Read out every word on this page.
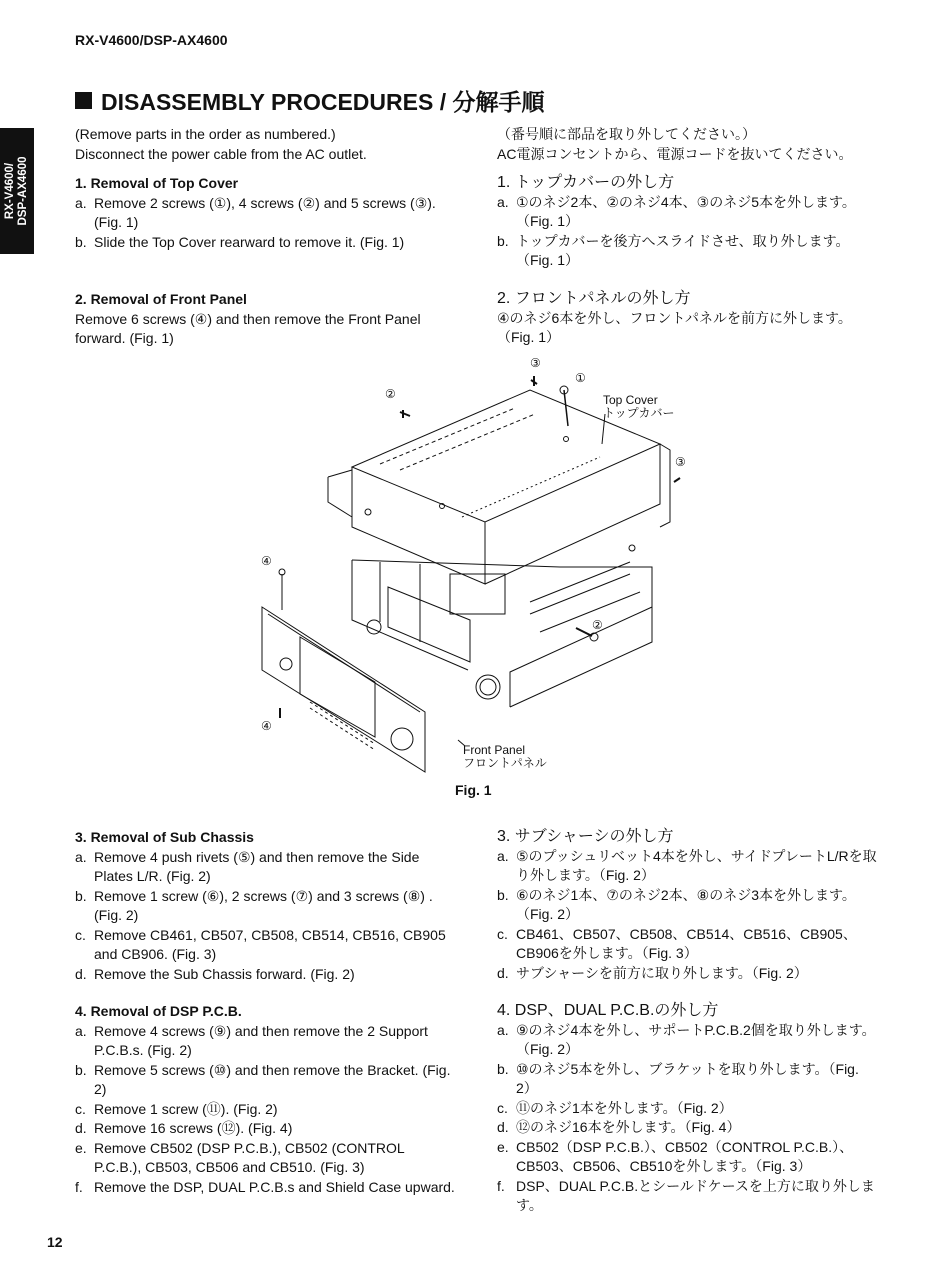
RX-V4600/DSP-AX4600
RX-V4600/ DSP-AX4600
DISASSEMBLY PROCEDURES / 分解手順

(Remove parts in the order as numbered.)

Disconnect the power cable from the AC outlet.

（番号順に部品を取り外してください。）

AC電源コンセントから、電源コードを抜いてください。

1. Removal of Top Cover
a. Remove 2 screws (①), 4 screws (②) and 5 screws (③). (Fig. 1)
b. Slide the Top Cover rearward to remove it. (Fig. 1)
1. トップカバーの外し方
a. ①のネジ2本、②のネジ4本、③のネジ5本を外します。（Fig. 1）
b. トップカバーを後方へスライドさせ、取り外します。（Fig. 1）
2. Removal of Front Panel

Remove 6 screws (④) and then remove the Front Panel forward. (Fig. 1)

2. フロントパネルの外し方

④のネジ6本を外し、フロントパネルを前方に外します。（Fig. 1）

③
①
②	Top Cover
トップカバー
③
④
②
④
Front Panel
フロントパネル
Fig. 1
3. Removal of Sub Chassis
a. Remove 4 push rivets (⑤) and then remove the Side Plates L/R. (Fig. 2)
b. Remove 1 screw (⑥), 2 screws (⑦) and 3 screws (⑧) . (Fig. 2)
c. Remove CB461, CB507, CB508, CB514, CB516, CB905 and CB906. (Fig. 3)
d. Remove the Sub Chassis forward. (Fig. 2)
3. サブシャーシの外し方
a. ⑤のプッシュリベット4本を外し、サイドプレートL/Rを取り外します。（Fig. 2）
b. ⑥のネジ1本、⑦のネジ2本、⑧のネジ3本を外します。（Fig. 2）
c. CB461、CB507、CB508、CB514、CB516、CB905、CB906を外します。（Fig. 3）
d. サブシャーシを前方に取り外します。（Fig. 2）
4. Removal of DSP P.C.B.
a. Remove 4 screws (⑨) and then remove the 2 Support P.C.B.s. (Fig. 2)
b. Remove 5 screws (⑩) and then remove the Bracket. (Fig. 2)
c. Remove 1 screw (⑪). (Fig. 2)
d. Remove 16 screws (⑫). (Fig. 4)
e. Remove CB502 (DSP P.C.B.), CB502 (CONTROL P.C.B.), CB503, CB506 and CB510. (Fig. 3)
f. Remove the DSP, DUAL P.C.B.s and Shield Case upward.
4. DSP、DUAL P.C.B.の外し方
a. ⑨のネジ4本を外し、サポートP.C.B.2個を取り外します。（Fig. 2）
b. ⑩のネジ5本を外し、ブラケットを取り外します。（Fig. 2）
c. ⑪のネジ1本を外します。（Fig. 2）
d. ⑫のネジ16本を外します。（Fig. 4）
e. CB502（DSP P.C.B.）、CB502（CONTROL P.C.B.）、CB503、CB506、CB510を外します。（Fig. 3）
f. DSP、DUAL P.C.B.とシールドケースを上方に取り外します。
12
